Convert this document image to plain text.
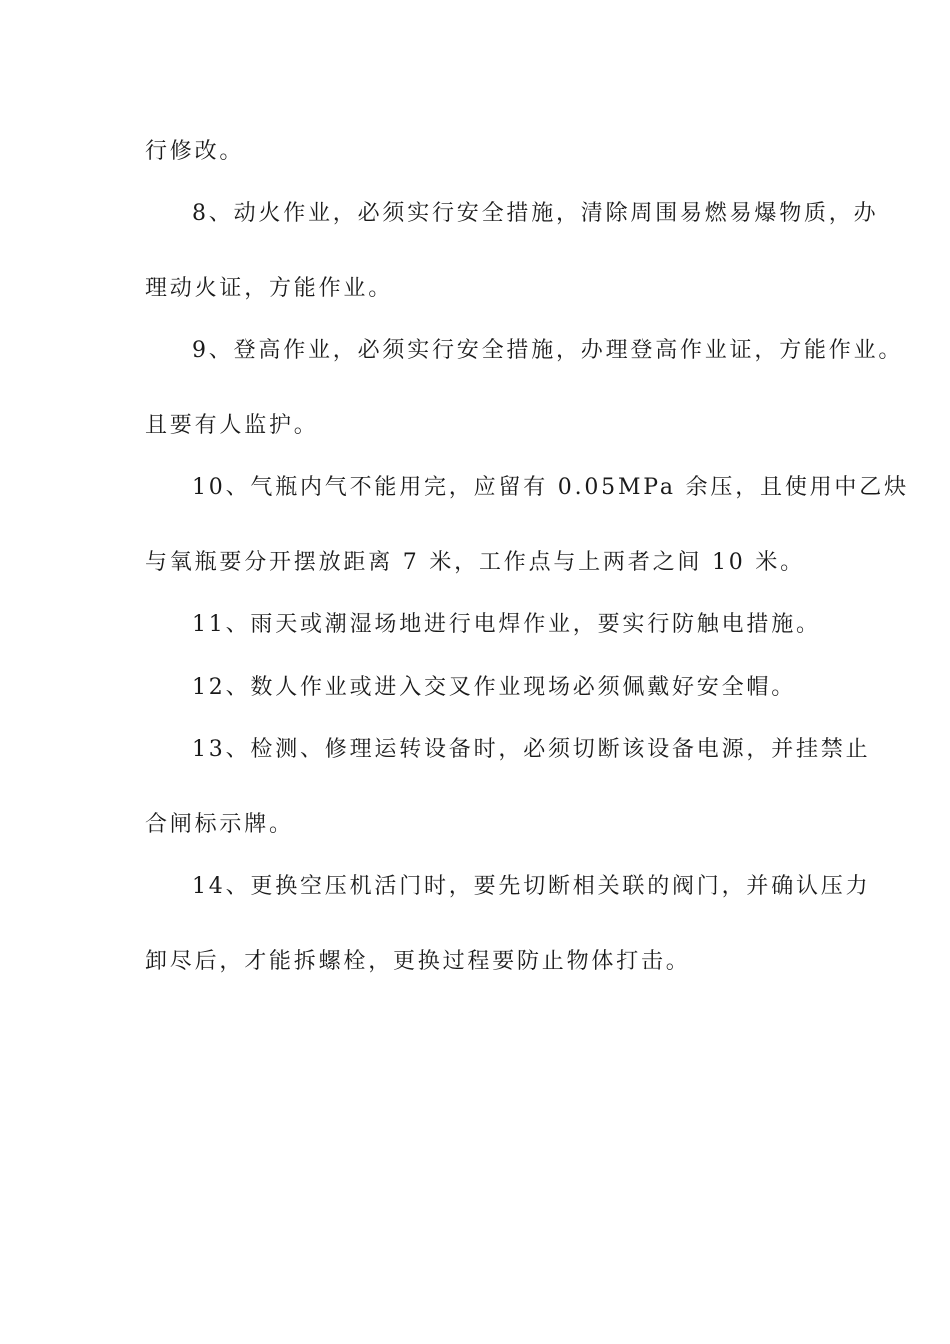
行修改。
8、动火作业，必须实行安全措施，清除周围易燃易爆物质，办
理动火证，方能作业。
9、登高作业，必须实行安全措施，办理登高作业证，方能作业。
且要有人监护。
10、气瓶内气不能用完，应留有 0.05MPa 余压，且使用中乙炔
与氧瓶要分开摆放距离 7 米，工作点与上两者之间 10 米。
11、雨天或潮湿场地进行电焊作业，要实行防触电措施。
12、数人作业或进入交叉作业现场必须佩戴好安全帽。
13、检测、修理运转设备时，必须切断该设备电源，并挂禁止
合闸标示牌。
14、更换空压机活门时，要先切断相关联的阀门，并确认压力
卸尽后，才能拆螺栓，更换过程要防止物体打击。
